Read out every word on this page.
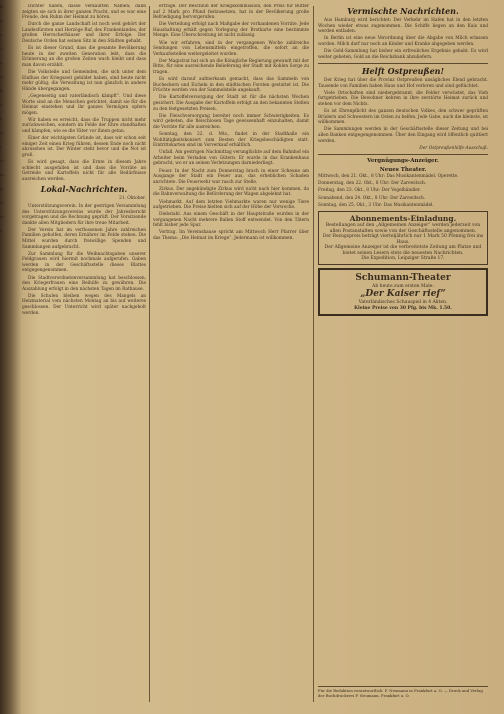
ff.
x.
r.
3.
a.
is.
k.
e.
t.
n.
i.
el
m.
g.
ol
bi
y.

Dichter haben, dasse verkauften Namen; dann zeigten sie sich in ihrer ganzen Pracht, und es war eine Freude, den Ruhm der Heimat zu hören.

Durch die ganze Landschaft ist noch weit gehört der Landesfürsten und Herzöge Ruf, des Frankenlandes, der großen Herrscherhäuser und ihrer Erfolge. Der Deutsche Orden hat seinen Sitz in den Städten gehabt.

Es ist dieser Grund, dass die gesamte Bevölkerung heute in der zweiten Generation lebt, dass die Erinnerung an die großen Zeiten wach bleibt und dass man davon erzählt.

Die Volksteile und Gemeinden, die sich unter dem Einfluss der Kriegszeit gebildet haben, sind heute nicht mehr gültig; die Verwaltung ist nun gänzlich in andere Hände übergegangen.

„Gegenseitig und vaterländisch kämpft“. Und diese Worte sind an die Menschen gerichtet, damit sie für die Heimat einstehen und ihr ganzes Vermögen opfern mögen.

Wir haben es erreicht, dass die Truppen nicht mehr zurückweichen, sondern im Felde der Ehre standhalten und kämpfen, wie es die Väter vor ihnen getan.

Einer der wichtigsten Gründe ist, dass wir schon seit einiger Zeit einen Krieg führen, dessen Ende noch nicht abzusehen ist. Der Winter steht bevor und die Not ist groß.

Es wird gesagt, dass die Ernte in diesem Jahre schlecht ausgefallen ist und dass die Vorräte an Getreide und Kartoffeln nicht für alle Bedürfnisse ausreichen werden.

Lokal-Nachrichten.
21. Oktober.

Unterstützungsverein. In der gestrigen Versammlung des Unterstützungsvereins wurde der Jahresbericht vorgetragen und die Rechnung geprüft. Der Vorsitzende dankte allen Mitgliedern für ihre treue Mitarbeit.

Der Verein hat im verflossenen Jahre zahlreichen Familien geholfen, deren Ernährer im Felde stehen. Die Mittel wurden durch freiwillige Spenden und Sammlungen aufgebracht.

Zur Sammlung für die Weihnachtsgaben unserer Feldgrauen wird hiermit nochmals aufgerufen. Gaben werden in der Geschäftsstelle dieses Blattes entgegengenommen.

Die Stadtverordnetenversammlung hat beschlossen, den Kriegerfrauen eine Beihilfe zu gewähren. Die Auszahlung erfolgt in den nächsten Tagen im Rathause.

Die Schulen bleiben wegen des Mangels an Heizmaterial vom nächsten Montag an bis auf weiteres geschlossen. Der Unterricht wird später nachgeholt werden.

ertrage. Der Beschluß der Kriegskommission, den Preis für Butter auf 2 Mark pro Pfund festzusetzen, hat in der Bevölkerung große Befriedigung hervorgerufen.

Die Verteilung erfolgt nach Maßgabe der vorhandenen Vorräte. Jede Haushaltung erhält gegen Vorlegung der Brotkarte eine bestimmte Menge. Eine Überschreitung ist nicht zulässig.

Wie wir erfahren, sind in der vergangenen Woche zahlreiche Sendungen von Lebensmitteln eingetroffen, die sofort an die Verkaufsstellen weitergeleitet wurden.

Der Magistrat hat sich an die Königliche Regierung gewandt mit der Bitte, für eine ausreichende Belieferung der Stadt mit Kohlen Sorge zu tragen.

Es wird darauf aufmerksam gemacht, dass das Sammeln von Bucheckern und Eicheln in den städtischen Forsten gestattet ist. Die Früchte werden von der Sammelstelle angekauft.

Die Kartoffelversorgung der Stadt ist für die nächsten Wochen gesichert. Die Ausgabe der Kartoffeln erfolgt an den bekannten Stellen zu den festgesetzten Preisen.

Die Fleischversorgung bereitet noch immer Schwierigkeiten. Es wird gebeten, die fleischlosen Tage gewissenhaft einzuhalten, damit die Vorräte für alle ausreichen.

Sonntag, den 22. d. Mts., findet in der Stadthalle ein Wohltätigkeitskonzert zum Besten der Kriegsbeschädigten statt. Eintrittskarten sind im Vorverkauf erhältlich.

Unfall. Am gestrigen Nachmittag verunglückte auf dem Bahnhof ein Arbeiter beim Verladen von Gütern. Er wurde in das Krankenhaus gebracht, wo er an seinen Verletzungen darniederliegt.

Feuer. In der Nacht zum Donnerstag brach in einer Scheune am Ausgange der Stadt ein Feuer aus, das erheblichen Schaden anrichtete. Die Feuerwehr war rasch zur Stelle.

Zirkus. Der angekündigte Zirkus wird nicht nach hier kommen, da die Bahnverwaltung die Beförderung der Wagen abgelehnt hat.

Viehmarkt. Auf dem letzten Viehmarkte waren nur wenige Tiere aufgetrieben. Die Preise hielten sich auf der Höhe der Vorwoche.

Diebstahl. Aus einem Geschäft in der Hauptstraße wurden in der vergangenen Nacht mehrere Ballen Stoff entwendet. Von den Tätern fehlt bisher jede Spur.

Vortrag. Im Vereinshause spricht am Mittwoch Herr Pfarrer über das Thema: „Die Heimat im Kriege“. Jedermann ist willkommen.

Vermischte Nachrichten.

Aus Hamburg wird berichtet: Der Verkehr im Hafen hat in den letzten Wochen wieder etwas zugenommen. Die Schiffe liegen an den Kais und werden entladen.

In Berlin ist eine neue Verordnung über die Abgabe von Milch erlassen worden. Milch darf nur noch an Kinder und Kranke abgegeben werden.

Die Gold-Sammlung hat bisher ein erfreuliches Ergebnis gehabt. Es wird weiter gebeten, Gold an die Reichsbank abzuliefern.

Helft Ostpreußen!

Der Krieg hat über die Provinz Ostpreußen unsägliches Elend gebracht. Tausende von Familien haben Haus und Hof verloren und sind geflüchtet.

Viele Ortschaften sind niedergebrannt, die Felder verwüstet, das Vieh fortgetrieben. Die Bewohner kehren in ihre zerstörte Heimat zurück und stehen vor dem Nichts.

Es ist Ehrenpflicht des ganzen deutschen Volkes, den schwer geprüften Brüdern und Schwestern im Osten zu helfen. Jede Gabe, auch die kleinste, ist willkommen.

Die Sammlungen werden in der Geschäftsstelle dieser Zeitung und bei allen Banken entgegengenommen. Über den Eingang wird öffentlich quittiert werden.

Der Ostpreußenhilfe-Ausschuß.
Vergnügungs-Anzeiger.
Neues Theater.
Mittwoch, den 21. Okt., 8 Uhr: Das Musikantenmädel. Operette.
Donnerstag, den 22. Okt., 8 Uhr: Der Zarewitsch.
Freitag, den 23. Okt., 8 Uhr: Der Vogelhändler.
Sonnabend, den 24. Okt., 8 Uhr: Der Zarewitsch.
Sonntag, den 25. Okt., 3 Uhr: Das Musikantenmädel.
Abonnements-Einladung.
Bestellungen auf den „Allgemeinen Anzeiger“ werden jederzeit von allen Postanstalten sowie von der Geschäftsstelle angenommen.
Der Bezugspreis beträgt vierteljährlich nur 1 Mark 50 Pfennig frei ins Haus.
Der Allgemeine Anzeiger ist die verbreitetste Zeitung am Platze und bietet seinen Lesern stets die neuesten Nachrichten.
Die Expedition, Leipziger Straße 17.
Schumann-Theater
Ab heute zum ersten Male:
„Der Kaiser rief“
Vaterländisches Schauspiel in 4 Akten.
Kleine Preise von 30 Pfg. bis Mk. 1.50.
Für die Redaktion verantwortlich: F. Neumann in Frankfurt a. O. — Druck und Verlag der Buchdruckerei F. Neumann, Frankfurt a. O.
